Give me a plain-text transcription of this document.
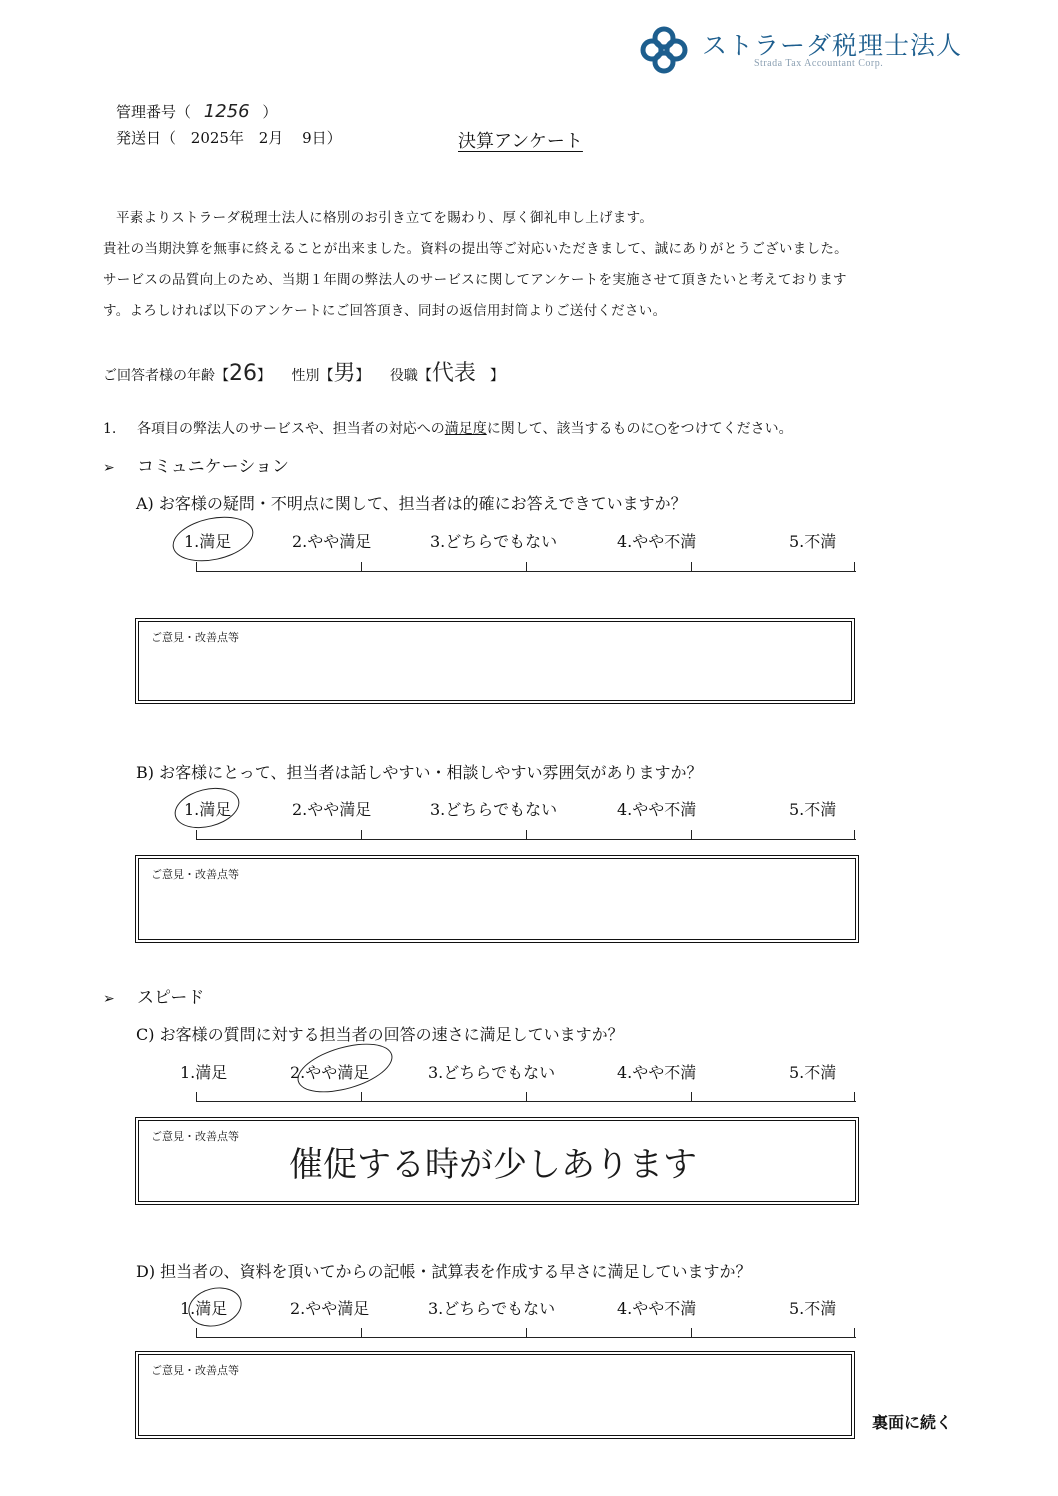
ストラーダ税理士法人
Strada Tax Accountant Corp.
管理番号（ 1256 ）
発送日（ 2025年 2月 9日）	決算アンケート
平素よりストラーダ税理士法人に格別のお引き立てを賜わり、厚く御礼申し上げます。
貴社の当期決算を無事に終えることが出来ました。資料の提出等ご対応いただきまして、誠にありがとうございました。
サービスの品質向上のため、当期１年間の弊法人のサービスに関してアンケートを実施させて頂きたいと考えております
す。よろしければ以下のアンケートにご回答頂き、同封の返信用封筒よりご送付ください。
ご回答者様の年齢【26】 性別【男】 役職【代表 】
1. 各項目の弊法人のサービスや、担当者の対応への満足度に関して、該当するものに○をつけてください。
➢ コミュニケーション
A) お客様の疑問・不明点に関して、担当者は的確にお答えできていますか？
1.満足	2.やや満足	3.どちらでもない	4.やや不満	5.不満
ご意見・改善点等
B) お客様にとって、担当者は話しやすい・相談しやすい雰囲気がありますか？
1.満足	2.やや満足	3.どちらでもない	4.やや不満	5.不満
ご意見・改善点等
➢ スピード
C) お客様の質問に対する担当者の回答の速さに満足していますか？
1.満足	2.やや満足	3.どちらでもない	4.やや不満	5.不満
ご意見・改善点等
催促する時が少しあります
D) 担当者の、資料を頂いてからの記帳・試算表を作成する早さに満足していますか？
1.満足	2.やや満足	3.どちらでもない	4.やや不満	5.不満
ご意見・改善点等
裏面に続く
